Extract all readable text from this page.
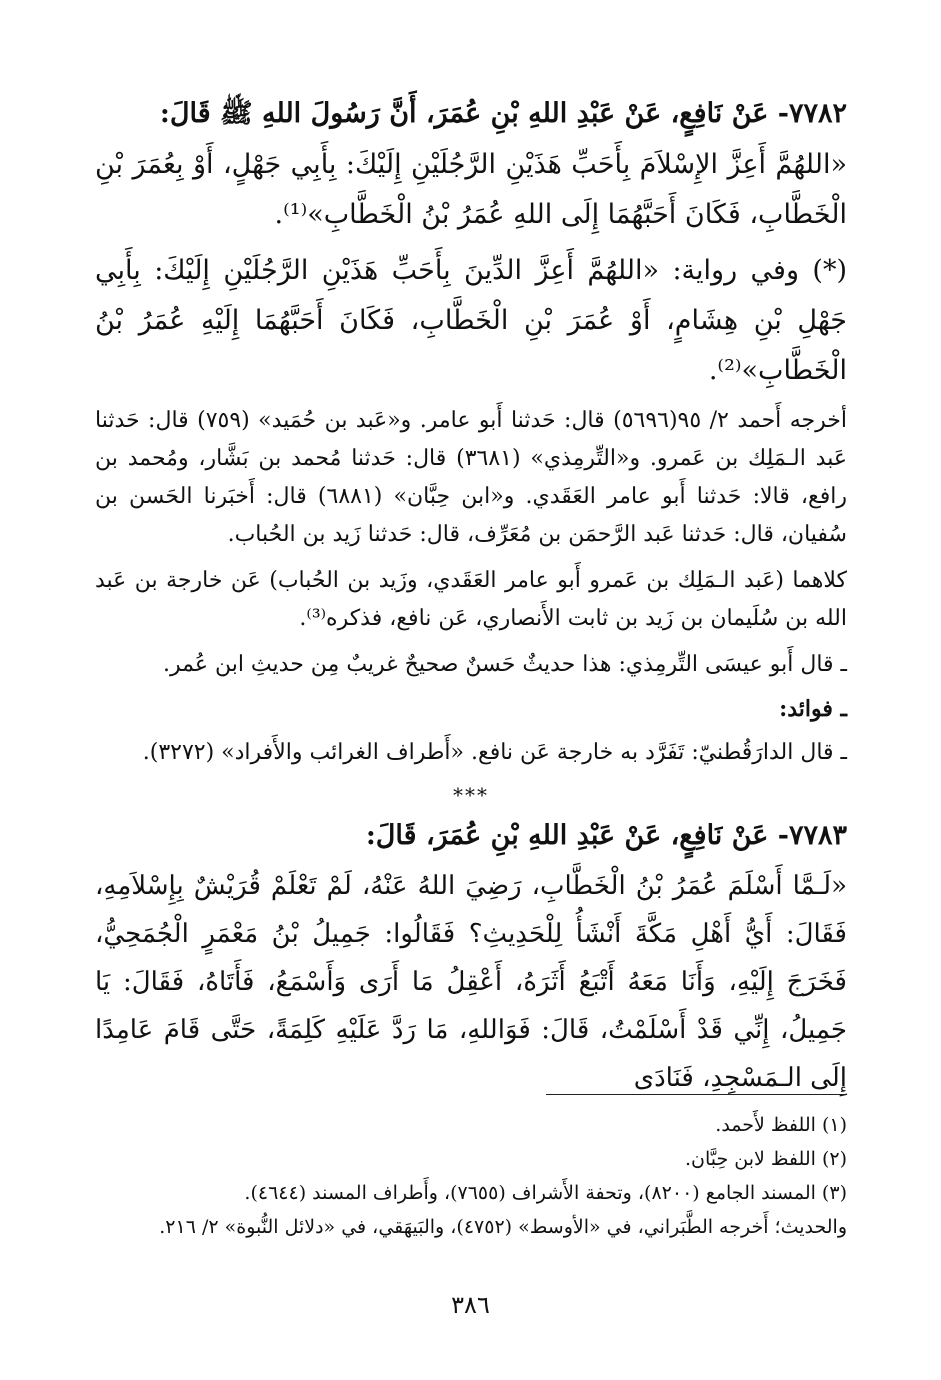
٧٧٨٢- عَنْ نَافِعٍ، عَنْ عَبْدِ اللهِ بْنِ عُمَرَ، أَنَّ رَسُولَ اللهِ ﷺ قَالَ:

«اللهُمَّ أَعِزَّ الإِسْلاَمَ بِأَحَبِّ هَذَيْنِ الرَّجُلَيْنِ إِلَيْكَ: بِأَبِي جَهْلٍ، أَوْ بِعُمَرَ بْنِ الْخَطَّابِ، فَكَانَ أَحَبَّهُمَا إِلَى اللهِ عُمَرُ بْنُ الْخَطَّابِ»⁽¹⁾.

(*) وفي رواية: «اللهُمَّ أَعِزَّ الدِّينَ بِأَحَبِّ هَذَيْنِ الرَّجُلَيْنِ إِلَيْكَ: بِأَبِي جَهْلِ بْنِ هِشَامٍ، أَوْ عُمَرَ بْنِ الْخَطَّابِ، فَكَانَ أَحَبَّهُمَا إِلَيْهِ عُمَرُ بْنُ الْخَطَّابِ»⁽²⁾.

أخرجه أَحمد ٢/ ٩٥(٥٦٩٦) قال: حَدثنا أَبو عامر. و«عَبد بن حُمَيد» (٧٥٩) قال: حَدثنا عَبد الـمَلِك بن عَمرو. و«التِّرمِذي» (٣٦٨١) قال: حَدثنا مُحمد بن بَشَّار، ومُحمد بن رافع، قالا: حَدثنا أَبو عامر العَقَدي. و«ابن حِبَّان» (٦٨٨١) قال: أَخبَرنا الحَسن بن سُفيان، قال: حَدثنا عَبد الرَّحمَن بن مُعَرِّف، قال: حَدثنا زَيد بن الحُباب.

كلاهما (عَبد الـمَلِك بن عَمرو أَبو عامر العَقَدي، وزَيد بن الحُباب) عَن خارجة بن عَبد الله بن سُلَيمان بن زَيد بن ثابت الأَنصاري، عَن نافع، فذكره⁽³⁾.

ـ قال أَبو عيسَى التِّرمِذي: هذا حديثٌ حَسنٌ صحيحٌ غريبٌ مِن حديثِ ابن عُمر.

ـ فوائد:

ـ قال الدارَقُطنيّ: تَفَرَّد به خارجة عَن نافع. «أَطراف الغرائب والأَفراد» (٣٢٧٢).

***

٧٧٨٣- عَنْ نَافِعٍ، عَنْ عَبْدِ اللهِ بْنِ عُمَرَ، قَالَ:

«لَـمَّا أَسْلَمَ عُمَرُ بْنُ الْخَطَّابِ، رَضِيَ اللهُ عَنْهُ، لَمْ تَعْلَمْ قُرَيْشٌ بِإِسْلاَمِهِ، فَقَالَ: أَيُّ أَهْلِ مَكَّةَ أَنْشَأُ لِلْحَدِيثِ؟ فَقَالُوا: جَمِيلُ بْنُ مَعْمَرٍ الْجُمَحِيُّ، فَخَرَجَ إِلَيْهِ، وَأَنَا مَعَهُ أَتْبَعُ أَثَرَهُ، أَعْقِلُ مَا أَرَى وَأَسْمَعُ، فَأَتَاهُ، فَقَالَ: يَا جَمِيلُ، إِنِّي قَدْ أَسْلَمْتُ، قَالَ: فَوَاللهِ، مَا رَدَّ عَلَيْهِ كَلِمَةً، حَتَّى قَامَ عَامِدًا إِلَى الـمَسْجِدِ، فَنَادَى

(١) اللفظ لأَحمد.

(٢) اللفظ لابن حِبَّان.

(٣) المسند الجامع (٨٢٠٠)، وتحفة الأَشراف (٧٦٥٥)، وأَطراف المسند (٤٦٤٤).

والحديث؛ أَخرجه الطَّبَراني، في «الأوسط» (٤٧٥٢)، والبَيهَقي، في «دلائل النُّبوة» ٢/ ٢١٦.

٣٨٦
